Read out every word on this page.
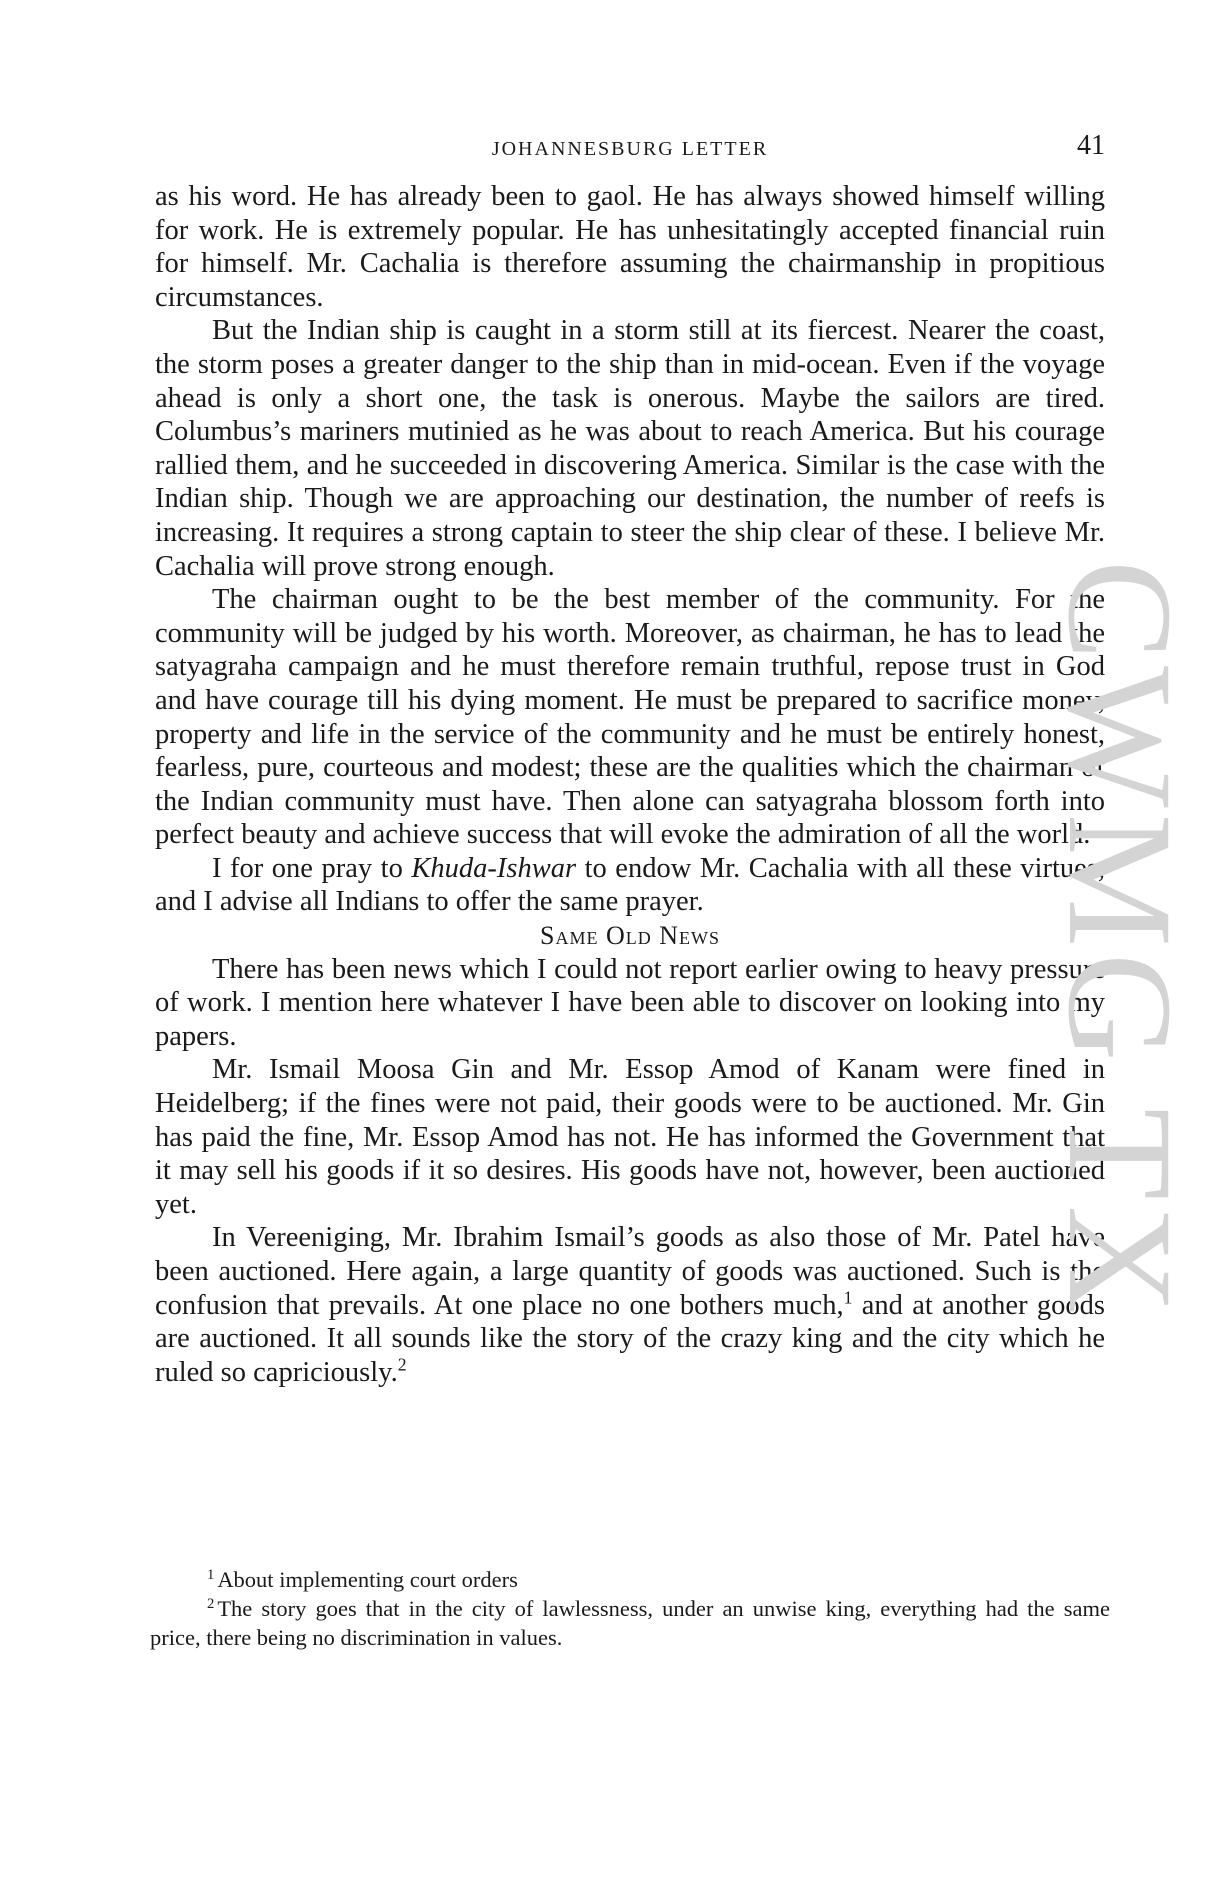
JOHANNESBURG LETTER	41

as his word. He has already been to gaol. He has always showed himself willing for work. He is extremely popular. He has unhesitatingly accepted financial ruin for himself. Mr. Cachalia is therefore assuming the chairmanship in propitious circumstances.

But the Indian ship is caught in a storm still at its fiercest. Nearer the coast, the storm poses a greater danger to the ship than in mid-ocean. Even if the voyage ahead is only a short one, the task is onerous. Maybe the sailors are tired. Columbus’s mariners mutinied as he was about to reach America. But his courage rallied them, and he succeeded in discovering America. Similar is the case with the Indian ship. Though we are approaching our destination, the number of reefs is increasing. It requires a strong captain to steer the ship clear of these. I believe Mr. Cachalia will prove strong enough.

The chairman ought to be the best member of the community. For the community will be judged by his worth. Moreover, as chairman, he has to lead the satyagraha campaign and he must therefore remain truthful, repose trust in God and have courage till his dying moment. He must be prepared to sacrifice money, property and life in the service of the community and he must be entirely honest, fearless, pure, courteous and modest; these are the qualities which the chairman of the Indian community must have. Then alone can satyagraha blossom forth into perfect beauty and achieve success that will evoke the admiration of all the world.

I for one pray to Khuda-Ishwar to endow Mr. Cachalia with all these virtues, and I advise all Indians to offer the same prayer.

Same Old News

There has been news which I could not report earlier owing to heavy pressure of work. I mention here whatever I have been able to discover on looking into my papers.

Mr. Ismail Moosa Gin and Mr. Essop Amod of Kanam were fined in Heidelberg; if the fines were not paid, their goods were to be auctioned. Mr. Gin has paid the fine, Mr. Essop Amod has not. He has informed the Government that it may sell his goods if it so desires. His goods have not, however, been auctioned yet.

In Vereeniging, Mr. Ibrahim Ismail’s goods as also those of Mr. Patel have been auctioned. Here again, a large quantity of goods was auctioned. Such is the confusion that prevails. At one place no one bothers much,$^1$ and at another goods are auctioned. It all sounds like the story of the crazy king and the city which he ruled so capriciously.$^2$

$^1$ About implementing court orders

$^2$ The story goes that in the city of lawlessness, under an unwise king, everything had the same price, there being no discrimination in values.

CWMG TX
